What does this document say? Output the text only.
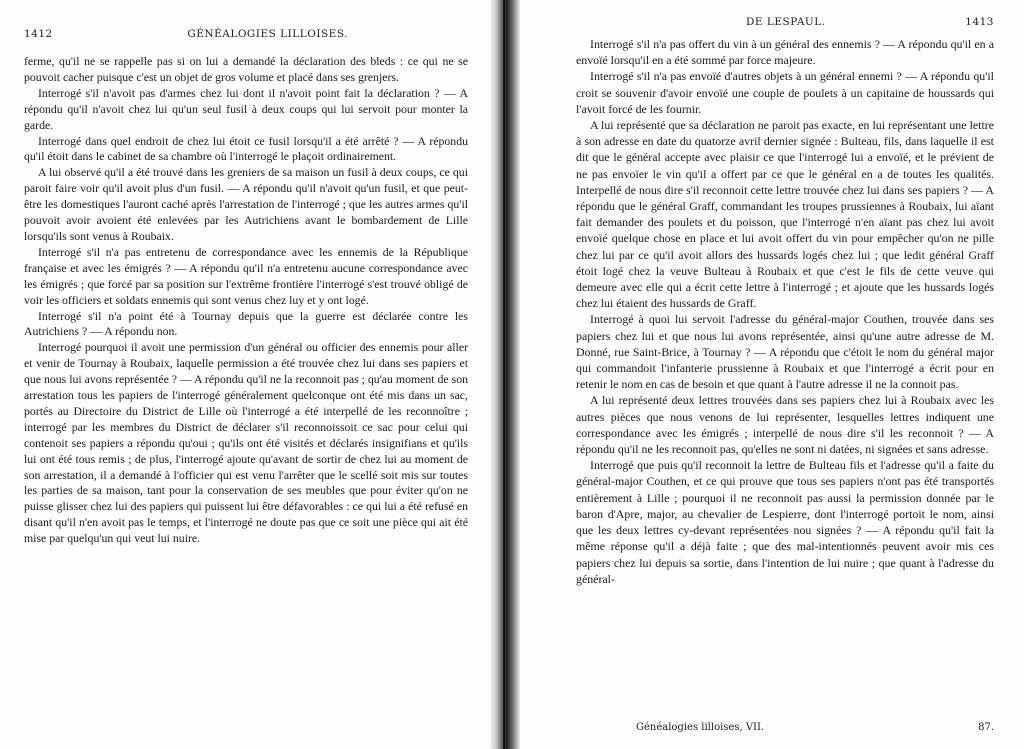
1412	GÉNÉALOGIES LILLOISES.

ferme, qu'il ne se rappelle pas si on lui a demandé la déclaration des bleds : ce qui ne se pouvoit cacher puisque c'est un objet de gros volume et placé dans ses grenjers.

Interrogé s'il n'avoit pas d'armes chez lui dont il n'avoit point fait la déclaration ? — A répondu qu'il n'avoit chez lui qu'un seul fusil à deux coups qui lui servoit pour monter la garde.

Interrogé dans quel endroit de chez lui étoit ce fusil lorsqu'il a été arrêté ? — A répondu qu'il étoit dans le cabinet de sa chambre où l'interrogé le plaçoit ordinairement.

A lui observé qu'il a été trouvé dans les greniers de sa maison un fusil à deux coups, ce qui paroit faire voir qu'il avoit plus d'un fusil. — A répondu qu'il n'avoit qu'un fusil, et que peut-être les domestiques l'auront caché après l'arrestation de l'interrogé ; que les autres armes qu'il pouvoit avoir avoient été enlevées par les Autrichiens avant le bombardement de Lille lorsqu'ils sont venus à Roubaix.

Interrogé s'il n'a pas entretenu de correspondance avec les ennemis de la République française et avec les émigrés ? — A répondu qu'il n'a entretenu aucune correspondance avec les émigrés ; que forcé par sa position sur l'extrême frontière l'interrogé s'est trouvé obligé de voir les officiers et soldats ennemis qui sont venus chez luy et y ont logé.

Interrogé s'il n'a point été à Tournay depuis que la guerre est déclarée contre les Autrichiens ? — A répondu non.

Interrogé pourquoi il avoit une permission d'un général ou officier des ennemis pour aller et venir de Tournay à Roubaix, laquelle permission a été trouvée chez lui dans ses papiers et que nous lui avons représentée ? — A répondu qu'il ne la reconnoit pas ; qu'au moment de son arrestation tous les papiers de l'interrogé généralement quelconque ont été mis dans un sac, portés au Directoire du District de Lille où l'interrogé a été interpellé de les reconnoître ; interrogé par les membres du District de déclarer s'il reconnoissoit ce sac pour celui qui contenoit ses papiers a répondu qu'oui ; qu'ils ont été visités et déclarés insignifians et qu'ils lui ont été tous remis ; de plus, l'interrogé ajoute qu'avant de sortir de chez lui au moment de son arrestation, il a demandé à l'officier qui est venu l'arrêter que le scellé soit mis sur toutes les parties de sa maison, tant pour la conservation de ses meubles que pour éviter qu'on ne puisse glisser chez lui des papiers qui puissent lui être défavorables : ce qui lui a été refusé en disant qu'il n'en avoit pas le temps, et l'interrogé ne doute pas que ce soit une pièce qui ait été mise par quelqu'un qui veut lui nuire.

DE LESPAUL.	1413

Interrogé s'il n'a pas offert du vin à un général des ennemis ? — A répondu qu'il en a envoïé lorsqu'il en a été sommé par force majeure.

Interrogé s'il n'a pas envoïé d'autres objets à un général ennemi ? — A répondu qu'il croit se souvenir d'avoir envoïé une couple de poulets à un capitaine de houssards qui l'avoit forcé de les fournir.

A lui représenté que sa déclaration ne paroit pas exacte, en lui représentant une lettre à son adresse en date du quatorze avril dernier signée : Bulteau, fils, dans laquelle il est dit que le général accepte avec plaisir ce que l'interrogé lui a envoïé, et le prévient de ne pas envoïer le vin qu'il a offert par ce que le général en a de toutes les qualités. Interpellé de nous dire s'il reconnoit cette lettre trouvée chez lui dans ses papiers ? — A répondu que le général Graff, commandant les troupes prussiennes à Roubaix, lui aïant fait demander des poulets et du poisson, que l'interrogé n'en aïant pas chez lui avoit envoïé quelque chose en place et lui avoit offert du vin pour empêcher qu'on ne pille chez lui par ce qu'il avoit allors des hussards logés chez lui ; que ledit général Graff étoit logé chez la veuve Bulteau à Roubaix et que c'est le fils de cette veuve qui demeure avec elle qui a écrit cette lettre à l'interrogé ; et ajoute que les hussards logés chez lui étaient des hussards de Graff.

Interrogé à quoi lui servoit l'adresse du général-major Couthen, trouvée dans ses papiers chez lui et que nous lui avons représentée, ainsi qu'une autre adresse de M. Donné, rue Saint-Brice, à Tournay ? — A répondu que c'étoit le nom du général major qui commandoit l'infanterie prussienne à Roubaix et que l'interrogé a écrit pour en retenir le nom en cas de besoin et que quant à l'autre adresse il ne la connoit pas.

A lui représenté deux lettres trouvées dans ses papiers chez lui à Roubaix avec les autres pièces que nous venons de lui représenter, lesquelles lettres indiquent une correspondance avec les émigrés ; interpellé de nous dire s'il les reconnoit ? — A répondu qu'il ne les reconnoit pas, qu'elles ne sont ni datées, ni signées et sans adresse.

Interrogé que puis qu'il reconnoit la lettre de Bulteau fils et l'adresse qu'il a faite du général-major Couthen, et ce qui prouve que tous ses papiers n'ont pas été transportés entièrement à Lille ; pourquoi il ne reconnoit pas aussi la permission donnée par le baron d'Apre, major, au chevalier de Lespierre, dont l'interrogé portoit le nom, ainsi que les deux lettres cy-devant représentées nou signées ? — A répondu qu'il fait la même réponse qu'il a déjà faite ; que des mal-intentionnés peuvent avoir mis ces papiers chez lui depuis sa sortie, dans l'intention de lui nuire ; que quant à l'adresse du général-

Généalogies lilloises, VII.	87.
